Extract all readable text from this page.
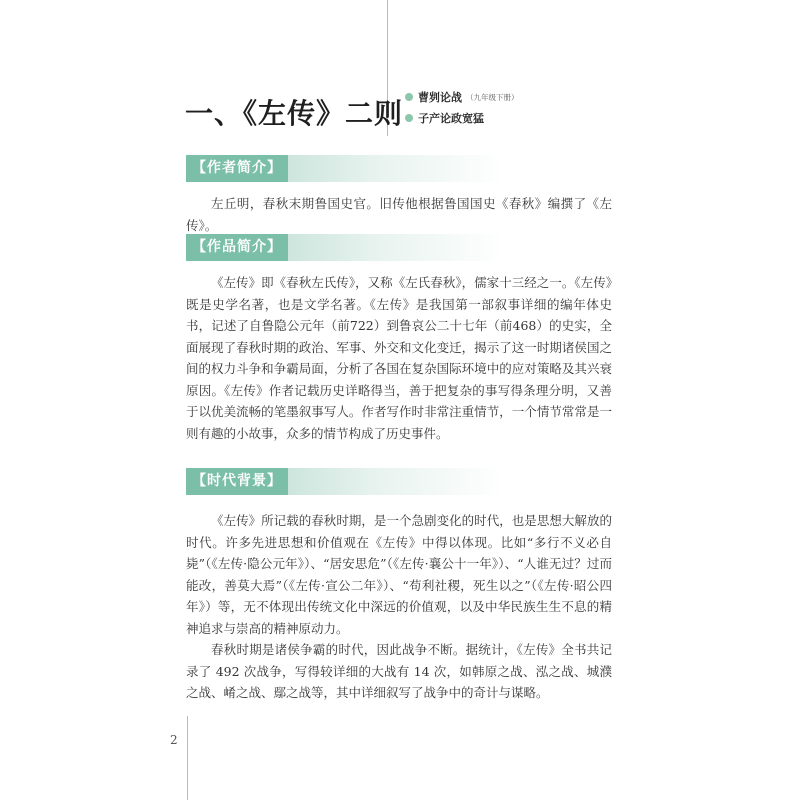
2
一、《左传》二则 曹刿论战 （九年级下册）
子产论政宽猛
【作者简介】

左丘明，春秋末期鲁国史官。旧传他根据鲁国国史《春秋》编撰了《左传》。

【作品简介】

《左传》即《春秋左氏传》，又称《左氏春秋》，儒家十三经之一。《左传》既是史学名著，也是文学名著。《左传》是我国第一部叙事详细的编年体史书，记述了自鲁隐公元年（前722）到鲁哀公二十七年（前468）的史实，全面展现了春秋时期的政治、军事、外交和文化变迁，揭示了这一时期诸侯国之间的权力斗争和争霸局面，分析了各国在复杂国际环境中的应对策略及其兴衰原因。《左传》作者记载历史详略得当，善于把复杂的事写得条理分明，又善于以优美流畅的笔墨叙事写人。作者写作时非常注重情节，一个情节常常是一则有趣的小故事，众多的情节构成了历史事件。

【时代背景】

《左传》所记载的春秋时期，是一个急剧变化的时代，也是思想大解放的时代。许多先进思想和价值观在《左传》中得以体现。比如“多行不义必自毙”（《左传·隐公元年》）、“居安思危”（《左传·襄公十一年》）、“人谁无过？过而能改，善莫大焉”（《左传·宣公二年》）、“苟利社稷，死生以之”（《左传·昭公四年》）等，无不体现出传统文化中深远的价值观，以及中华民族生生不息的精神追求与崇高的精神原动力。

春秋时期是诸侯争霸的时代，因此战争不断。据统计，《左传》全书共记录了 492 次战争，写得较详细的大战有 14 次，如韩原之战、泓之战、城濮之战、崤之战、鄢之战等，其中详细叙写了战争中的奇计与谋略。
